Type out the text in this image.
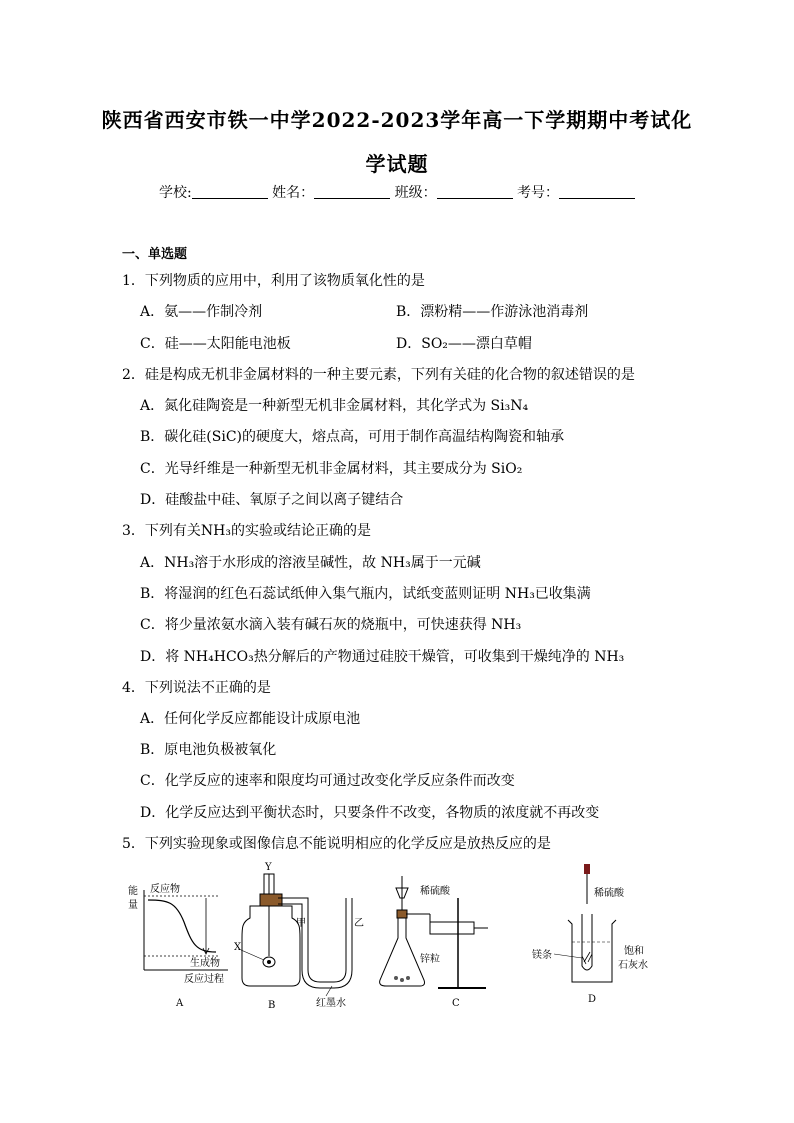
陕西省西安市铁一中学2022-2023学年高一下学期期中考试化
学试题
学校:	姓名：	班级：	考号：
一、单选题
1．下列物质的应用中，利用了该物质氧化性的是
A．氨——作制冷剂	B．漂粉精——作游泳池消毒剂
C．硅——太阳能电池板	D．SO₂——漂白草帽
2．硅是构成无机非金属材料的一种主要元素，下列有关硅的化合物的叙述错误的是
A．氮化硅陶瓷是一种新型无机非金属材料，其化学式为 Si₃N₄
B．碳化硅(SiC)的硬度大，熔点高，可用于制作高温结构陶瓷和轴承
C．光导纤维是一种新型无机非金属材料，其主要成分为 SiO₂
D．硅酸盐中硅、氧原子之间以离子键结合
3．下列有关NH₃的实验或结论正确的是
A．NH₃溶于水形成的溶液呈碱性，故 NH₃属于一元碱
B．将湿润的红色石蕊试纸伸入集气瓶内，试纸变蓝则证明 NH₃已收集满
C．将少量浓氨水滴入装有碱石灰的烧瓶中，可快速获得 NH₃
D．将 NH₄HCO₃热分解后的产物通过硅胶干燥管，可收集到干燥纯净的 NH₃
4．下列说法不正确的是
A．任何化学反应都能设计成原电池
B．原电池负极被氧化
C．化学反应的速率和限度均可通过改变化学反应条件而改变
D．化学反应达到平衡状态时，只要条件不改变，各物质的浓度就不再改变
5．下列实验现象或图像信息不能说明相应的化学反应是放热反应的是
能
量
反应物
生成物
反应过程
A
Y
X
甲	乙
红墨水
B
稀硫酸
锌粒
C
稀硫酸
镁条	饱和
石灰水
D
